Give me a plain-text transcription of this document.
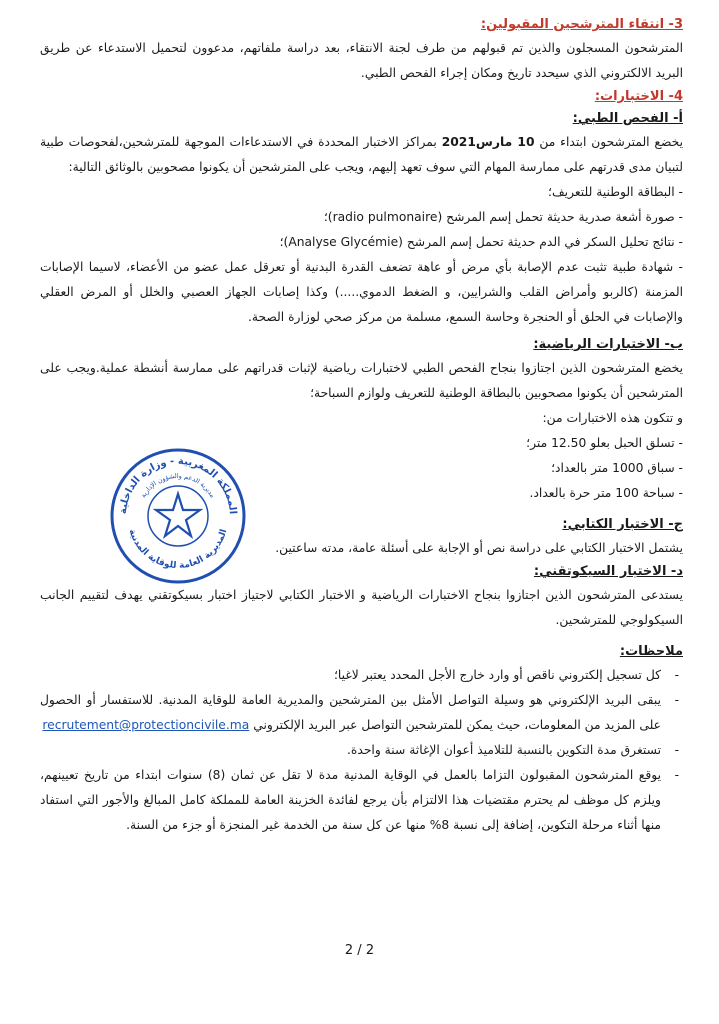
3- انتقاء المترشحين المقبولين:

المترشحون المسجلون والذين تم قبولهم من طرف لجنة الانتقاء، بعد دراسة ملفاتهم، مدعوون لتحميل الاستدعاء عن طريق البريد الالكتروني الذي سيحدد تاريخ ومكان إجراء الفحص الطبي.

4- الاختبارات:

أ- الفحص الطبي:

يخضع المترشحون ابتداء من 10 مارس2021 بمراكز الاختبار المحددة في الاستدعاءات الموجهة للمترشحين،لفحوصات طبية لتبيان مدى قدرتهم على ممارسة المهام التي سوف تعهد إليهم، ويجب على المترشحين أن يكونوا مصحوبين بالوثائق التالية:

- البطاقة الوطنية للتعريف؛

- صورة أشعة صدرية حديثة تحمل إسم المرشح (radio pulmonaire)؛

- نتائج تحليل السكر في الدم حديثة تحمل إسم المرشح (Analyse Glycémie)؛

- شهادة طبية تثبت عدم الإصابة بأي مرض أو عاهة تضعف القدرة البدنية أو تعرقل عمل عضو من الأعضاء، لاسيما الإصابات المزمنة (كالربو وأمراض القلب والشرايين، و الضغط الدموي.....) وكذا إصابات الجهاز العصبي والخلل أو المرض العقلي والإصابات في الحلق أو الحنجرة وحاسة السمع، مسلمة من مركز صحي لوزارة الصحة.

ب- الاختبارات الرياضية:

يخضع المترشحون الذين اجتازوا بنجاح الفحص الطبي لاختبارات رياضية لإثبات قدراتهم على ممارسة أنشطة عملية.ويجب على المترشحين أن يكونوا مصحوبين بالبطاقة الوطنية للتعريف ولوازم السباحة؛

و تتكون هذه الاختبارات من:

- تسلق الحبل بعلو 12.50 متر؛

- سباق 1000 متر بالعداد؛

- سباحة 100 متر حرة بالعداد.

ج- الاختبار الكتابي:

يشتمل الاختبار الكتابي على دراسة نص أو الإجابة على أسئلة عامة، مدته ساعتين.

د- الاختبار السيكوتقني:

يستدعى المترشحون الذين اجتازوا بنجاح الاختبارات الرياضية و الاختبار الكتابي لاجتياز اختبار بسيكوتقني يهدف لتقييم الجانب السيكولوجي للمترشحين.

ملاحظات:

- كل تسجيل إلكتروني ناقص أو وارد خارج الأجل المحدد يعتبر لاغيا؛
- يبقى البريد الإلكتروني هو وسيلة التواصل الأمثل بين المترشحين والمديرية العامة للوقاية المدنية. للاستفسار أو الحصول على المزيد من المعلومات، حيث يمكن للمترشحين التواصل عبر البريد الإلكتروني recrutement@protectioncivile.ma
- تستغرق مدة التكوين بالنسبة للتلاميذ أعوان الإغاثة سنة واحدة.
- يوقع المترشحون المقبولون التزاما بالعمل في الوقاية المدنية مدة لا تقل عن ثمان (8) سنوات ابتداء من تاريخ تعيينهم، ويلزم كل موظف لم يحترم مقتضيات هذا الالتزام بأن يرجع لفائدة الخزينة العامة للمملكة كامل المبالغ والأجور التي استفاد منها أثناء مرحلة التكوين، إضافة إلى نسبة 8% منها عن كل سنة من الخدمة غير المنجزة أو جزء من السنة.
المملكة المغربية - وزارة الداخلية
مديرية الدعم والشؤون الإدارية
المديرية العامة للوقاية المدنية
2 / 2
